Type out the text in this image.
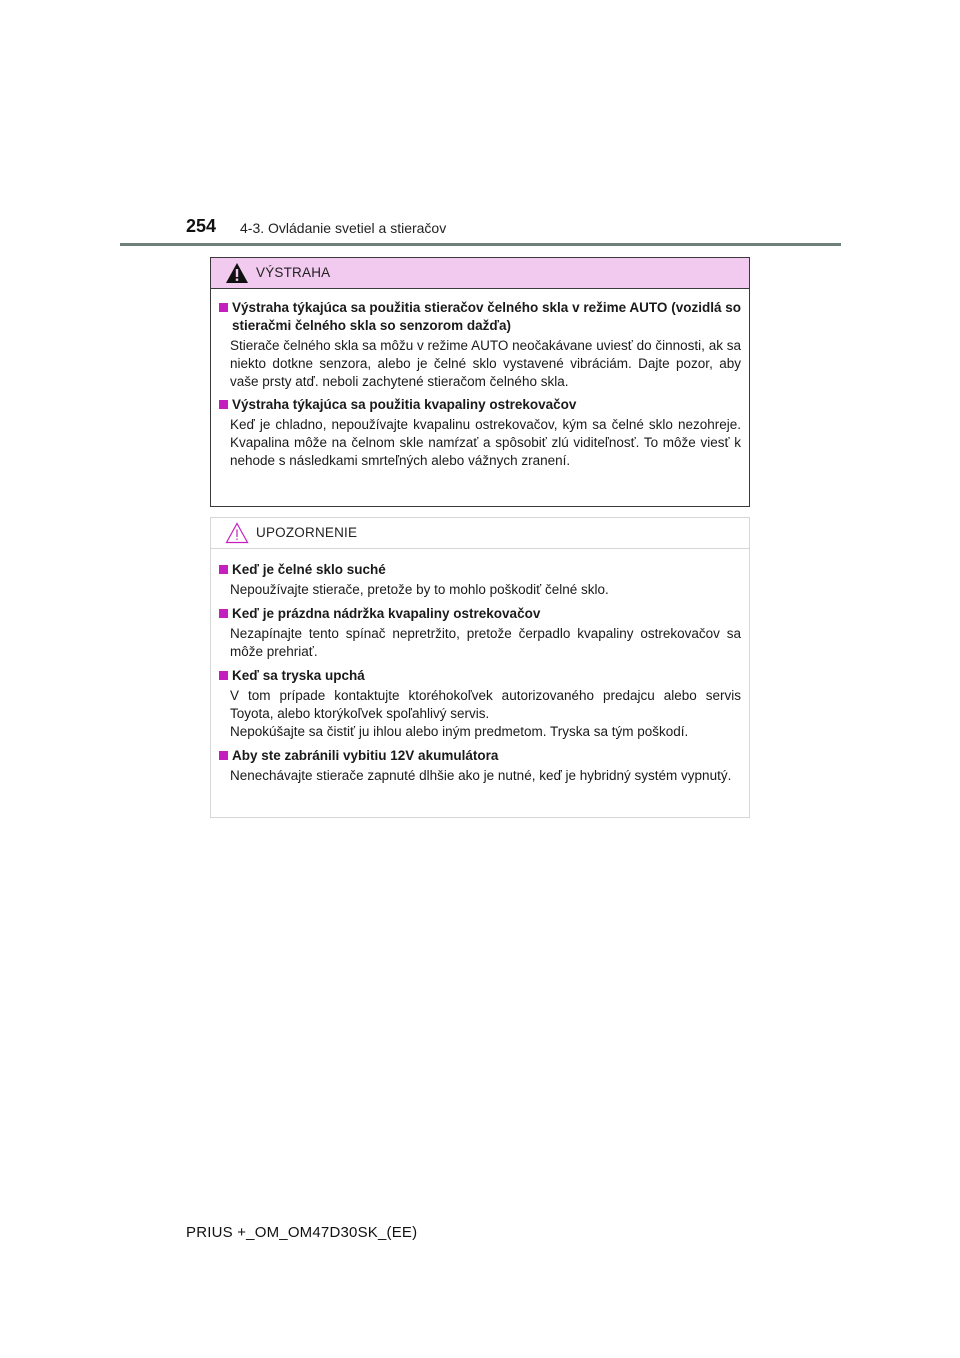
254 4-3. Ovládanie svetiel a stieračov
VÝSTRAHA
Výstraha týkajúca sa použitia stieračov čelného skla v režime AUTO (vozidlá so stieračmi čelného skla so senzorom dažďa)
Stierače čelného skla sa môžu v režime AUTO neočakávane uviesť do činnosti, ak sa niekto dotkne senzora, alebo je čelné sklo vystavené vibráciám. Dajte pozor, aby vaše prsty atď. neboli zachytené stieračom čelného skla.
Výstraha týkajúca sa použitia kvapaliny ostrekovačov
Keď je chladno, nepoužívajte kvapalinu ostrekovačov, kým sa čelné sklo nezohreje. Kvapalina môže na čelnom skle namŕzať a spôsobiť zlú viditeľnosť. To môže viesť k nehode s následkami smrteľných alebo vážnych zranení.
UPOZORNENIE
Keď je čelné sklo suché
Nepoužívajte stierače, pretože by to mohlo poškodiť čelné sklo.
Keď je prázdna nádržka kvapaliny ostrekovačov
Nezapínajte tento spínač nepretržito, pretože čerpadlo kvapaliny ostrekovačov sa môže prehriať.
Keď sa tryska upchá
V tom prípade kontaktujte ktoréhokoľvek autorizovaného predajcu alebo servis Toyota, alebo ktorýkoľvek spoľahlivý servis.
Nepokúšajte sa čistiť ju ihlou alebo iným predmetom. Tryska sa tým poškodí.
Aby ste zabránili vybitiu 12V akumulátora
Nenechávajte stierače zapnuté dlhšie ako je nutné, keď je hybridný systém vypnutý.
PRIUS +_OM_OM47D30SK_(EE)
